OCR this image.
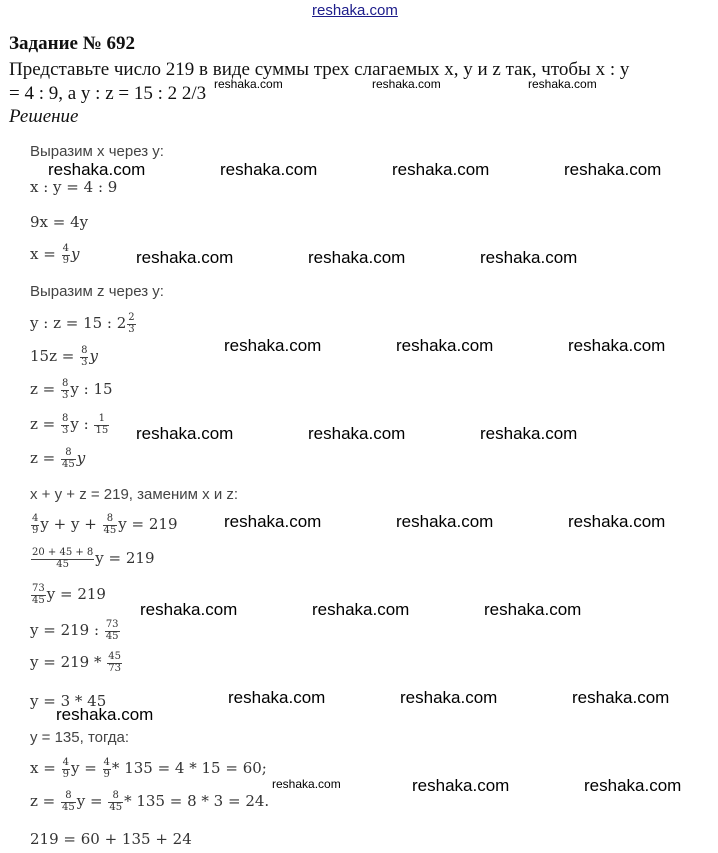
reshaka.com
Задание № 692
Представьте число 219 в виде суммы трех слагаемых x, y и z так, чтобы x : y
= 4 : 9, а y : z = 15 : 2 2/3
Решение
reshaka.com	reshaka.com	reshaka.com
Выразим x через y:
x : y = 4 : 9
9x = 4y
$x = \frac{4}{9}$ y
Выразим z через y:
y : z = 15 : $2 \frac{2}{3}$
$15z = \frac{8}{3}$ y
$z = \frac{8}{3}$ y : 15
$z = \frac{8}{3}$ y : $\frac{1}{15}$
$z = \frac{8}{45}$ y
x + y + z = 219, заменим x и z:
$\frac{4}{9}$ $y + y + \frac{8}{45}$ y = 219
$\frac{20 + 45 + 8}{45}$ y = 219
$\frac{73}{45}$ y = 219
y = 219 : $\frac{73}{45}$
$y = 219 * \frac{45}{73}$
y = 3 * 45
y = 135, тогда:
$x = \frac{4}{9}$ $y = \frac{4}{9} * 135 = 4 * 15 = 60$;
$z = \frac{8}{45}$ $y = \frac{8}{45} * 135 = 8 * 3 = 24$.
219 = 60 + 135 + 24
reshaka.com	reshaka.com	reshaka.com	reshaka.com
reshaka.com	reshaka.com	reshaka.com
reshaka.com	reshaka.com	reshaka.com
reshaka.com	reshaka.com	reshaka.com
reshaka.com	reshaka.com	reshaka.com
reshaka.com	reshaka.com	reshaka.com
reshaka.com	reshaka.com	reshaka.com
reshaka.com
reshaka.com	reshaka.com	reshaka.com
